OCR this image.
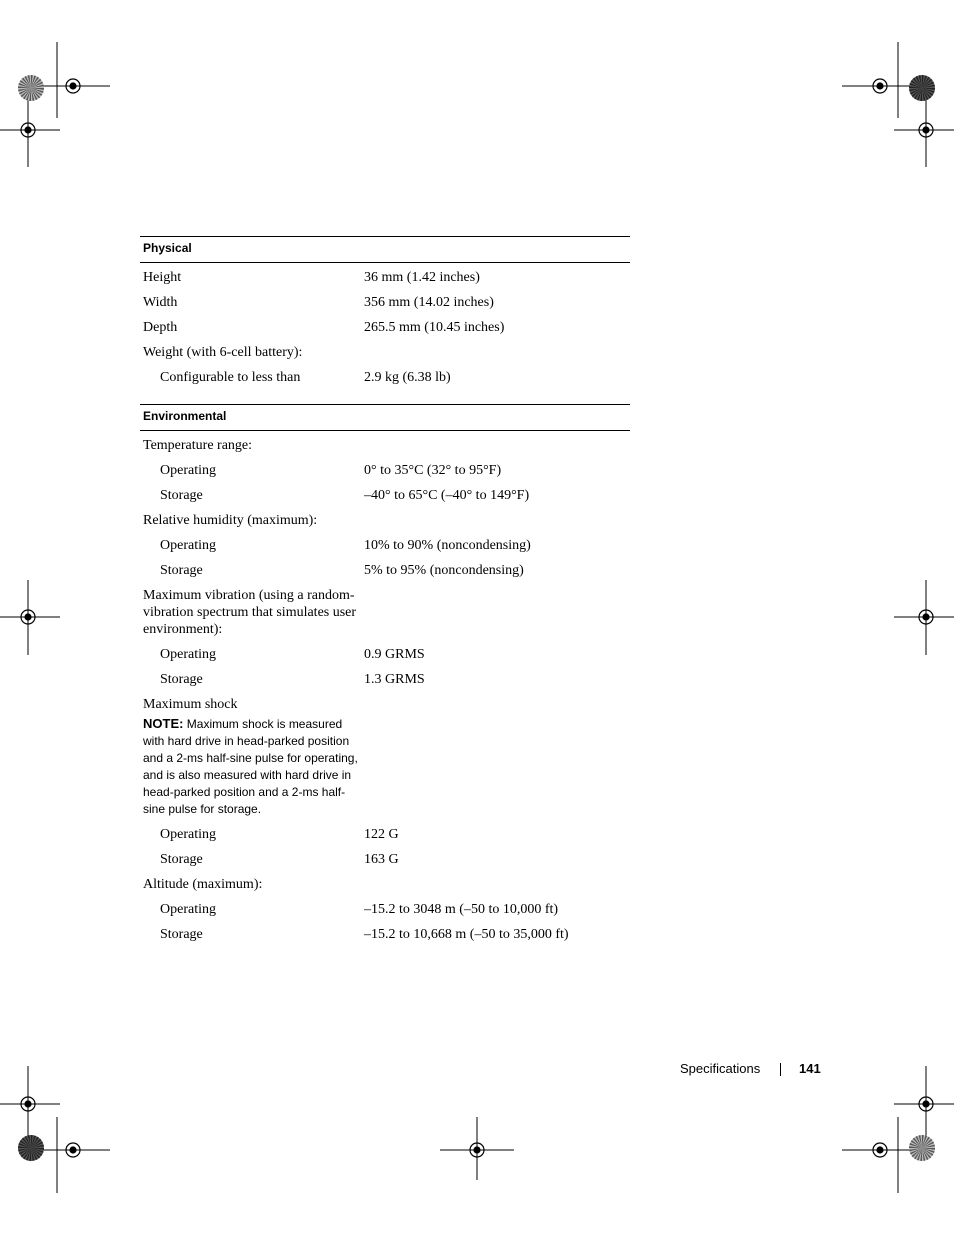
Physical
Height	36 mm (1.42 inches)
Width	356 mm (14.02 inches)
Depth	265.5 mm (10.45 inches)
Weight (with 6-cell battery):
Configurable to less than	2.9 kg (6.38 lb)
Environmental
Temperature range:
Operating	0° to 35°C (32° to 95°F)
Storage	–40° to 65°C (–40° to 149°F)
Relative humidity (maximum):
Operating	10% to 90% (noncondensing)
Storage	5% to 95% (noncondensing)
Maximum vibration (using a random-vibration spectrum that simulates user environment):
Operating	0.9 GRMS
Storage	1.3 GRMS
Maximum shock
NOTE: Maximum shock is measured with hard drive in head-parked position and a 2-ms half-sine pulse for operating, and is also measured with hard drive in head-parked position and a 2-ms half-sine pulse for storage.
Operating	122 G
Storage	163 G
Altitude (maximum):
Operating	–15.2 to 3048 m (–50 to 10,000 ft)
Storage	–15.2 to 10,668 m (–50 to 35,000 ft)
Specifications	141
